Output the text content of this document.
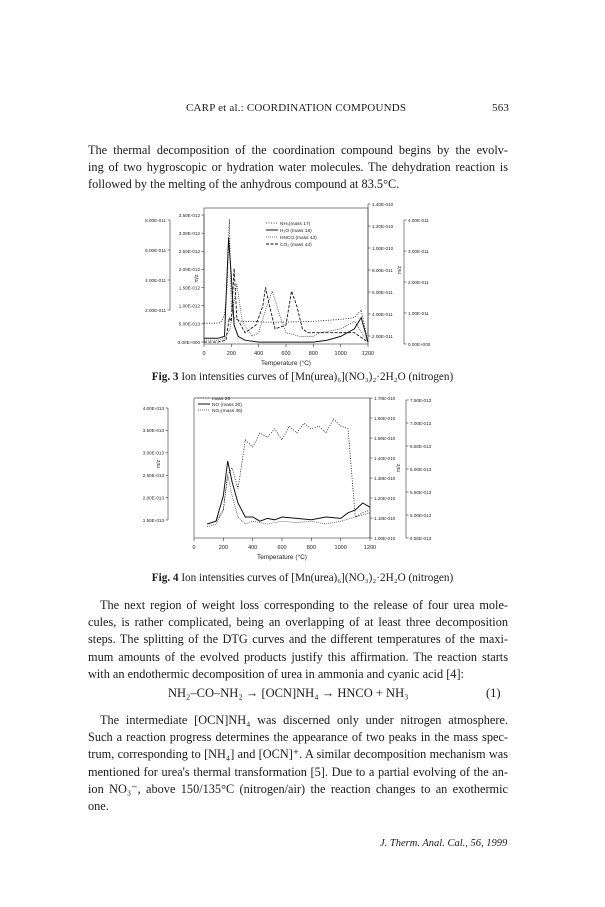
CARP et al.: COORDINATION COMPOUNDS	563
The thermal decomposition of the coordination compound begins by the evolv-
ing of two hygroscopic or hydration water molecules. The dehydration reaction is
followed by the melting of the anhydrous compound at 83.5°C.
0	200	400	600	800	1000	1200
Temperature (°C)
8.00E-011
6.00E-011
4.00E-011
2.00E-011
3.50E-012
3.00E-012
2.50E-012
2.00E-012
1.50E-012
1.00E-012
5.00E-013
0.00E+000
m/z
1.40E-010
1.20E-010
1.00E-010
8.00E-011
6.00E-011
4.00E-011
2.00E-011
m/z
4.00E-011
3.00E-011
2.00E-011
1.00E-011
0.00E+000
NH₃(mass 17)
H₂O (mass 18)
HNCO (mass 43)
CO₂ (mass 44)
Fig. 3 Ion intensities curves of [Mn(urea)₆](NO₃)₂·2H₂O (nitrogen)
0	200	400	600	800	1000	1200
Temperature (°C)
4.00E-013
3.50E-013
3.00E-013
2.50E-013
2.00E-013
1.50E-013
m/z
1.70E-010
1.60E-010
1.50E-010
1.40E-010
1.30E-010
1.20E-010
1.10E-010
1.00E-010
m/z
7.50E-013
7.00E-013
6.50E-013
6.00E-013
5.50E-013
5.00E-013
4.50E-013
mass 28
NO (mass 30)
NO₂(mass 46)
Fig. 4 Ion intensities curves of [Mn(urea)₆](NO₃)₂·2H₂O (nitrogen)
The next region of weight loss corresponding to the release of four urea mole-
cules, is rather complicated, being an overlapping of at least three decomposition
steps. The splitting of the DTG curves and the different temperatures of the maxi-
mum amounts of the evolved products justify this affirmation. The reaction starts
with an endothermic decomposition of urea in ammonia and cyanic acid [4]:
NH₂–CO–NH₂ → [OCN]NH₄ → HNCO + NH₃	(1)
The intermediate [OCN]NH₄ was discerned only under nitrogen atmosphere.
Such a reaction progress determines the appearance of two peaks in the mass spec-
trum, corresponding to [NH₄] and [OCN]⁺. A similar decomposition mechanism was
mentioned for urea's thermal transformation [5]. Due to a partial evolving of the an-
ion NO₃⁻, above 150/135°C (nitrogen/air) the reaction changes to an exothermic one.
J. Therm. Anal. Cal., 56, 1999
